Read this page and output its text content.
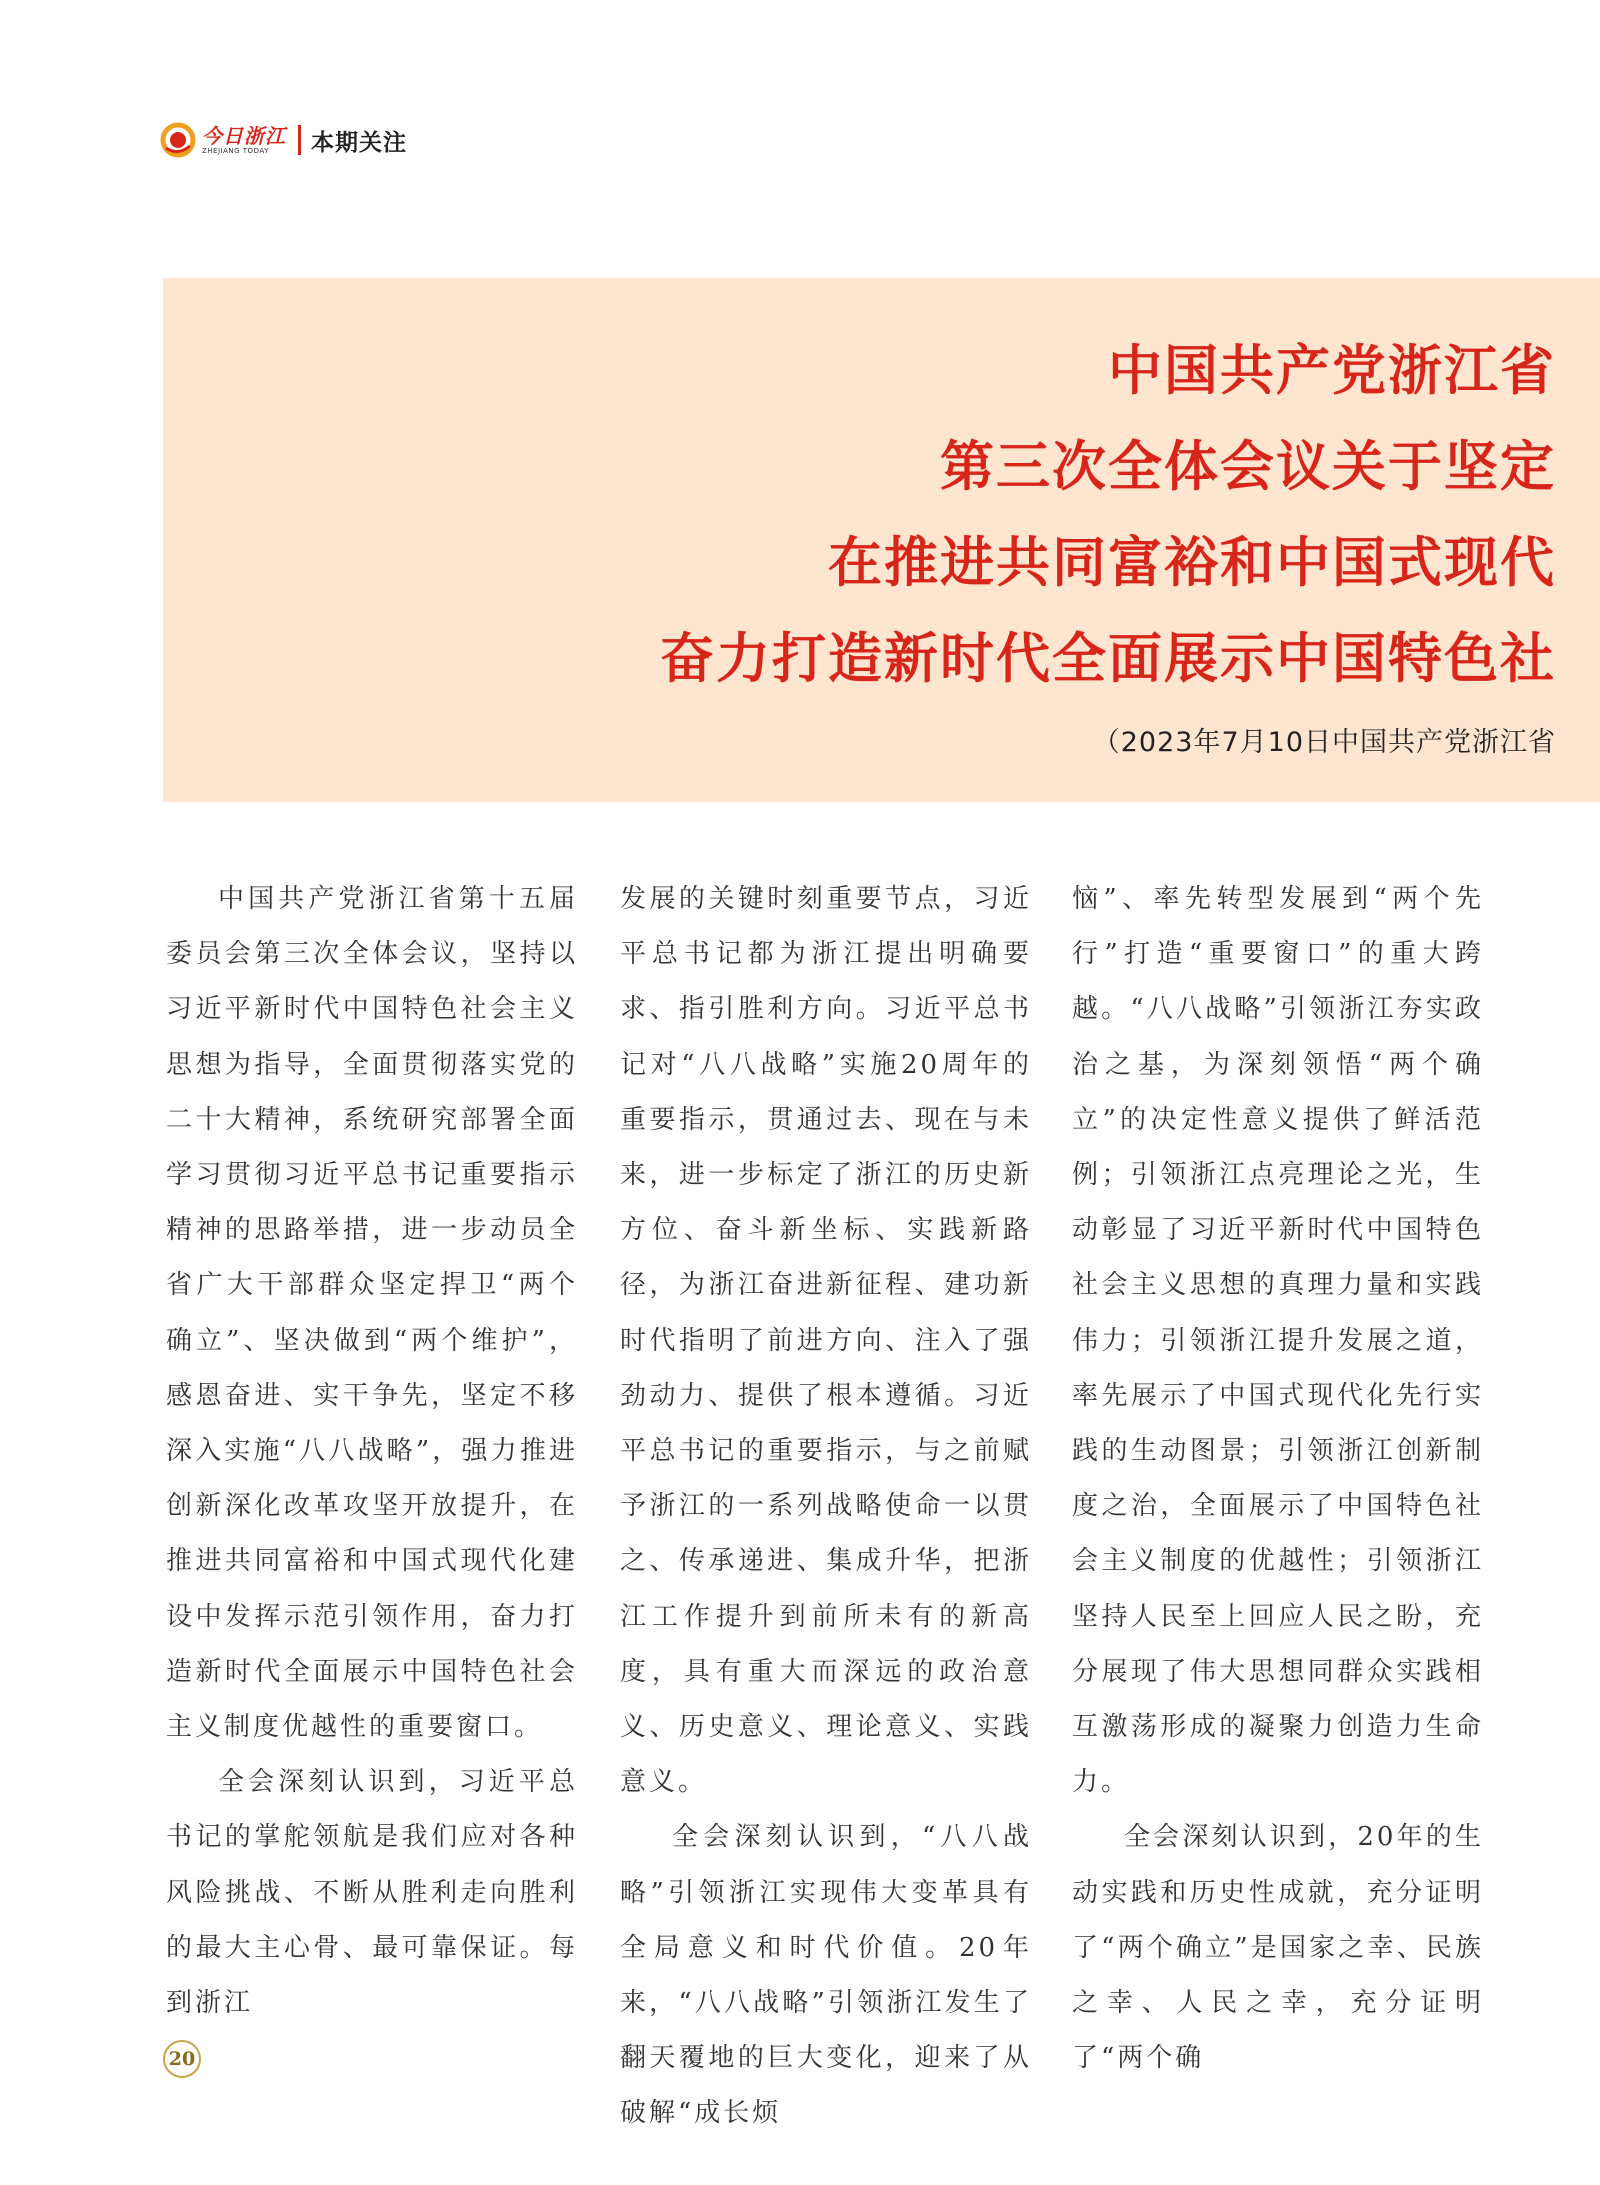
今日浙江
ZHEJIANG TODAY	本期关注
中国共产党浙江省
第三次全体会议关于坚定
在推进共同富裕和中国式现代
奋力打造新时代全面展示中国特色社
（2023年7月10日中国共产党浙江省

中国共产党浙江省第十五届委员会第三次全体会议，坚持以习近平新时代中国特色社会主义思想为指导，全面贯彻落实党的二十大精神，系统研究部署全面学习贯彻习近平总书记重要指示精神的思路举措，进一步动员全省广大干部群众坚定捍卫“两个确立”、坚决做到“两个维护”，感恩奋进、实干争先，坚定不移深入实施“八八战略”，强力推进创新深化改革攻坚开放提升，在推进共同富裕和中国式现代化建设中发挥示范引领作用，奋力打造新时代全面展示中国特色社会主义制度优越性的重要窗口。

全会深刻认识到，习近平总书记的掌舵领航是我们应对各种风险挑战、不断从胜利走向胜利的最大主心骨、最可靠保证。每到浙江

发展的关键时刻重要节点，习近平总书记都为浙江提出明确要求、指引胜利方向。习近平总书记对“八八战略”实施20周年的重要指示，贯通过去、现在与未来，进一步标定了浙江的历史新方位、奋斗新坐标、实践新路径，为浙江奋进新征程、建功新时代指明了前进方向、注入了强劲动力、提供了根本遵循。习近平总书记的重要指示，与之前赋予浙江的一系列战略使命一以贯之、传承递进、集成升华，把浙江工作提升到前所未有的新高度，具有重大而深远的政治意义、历史意义、理论意义、实践意义。

全会深刻认识到，“八八战略”引领浙江实现伟大变革具有全局意义和时代价值。20年来，“八八战略”引领浙江发生了翻天覆地的巨大变化，迎来了从破解“成长烦

恼”、率先转型发展到“两个先行”打造“重要窗口”的重大跨越。“八八战略”引领浙江夯实政治之基，为深刻领悟“两个确立”的决定性意义提供了鲜活范例；引领浙江点亮理论之光，生动彰显了习近平新时代中国特色社会主义思想的真理力量和实践伟力；引领浙江提升发展之道，率先展示了中国式现代化先行实践的生动图景；引领浙江创新制度之治，全面展示了中国特色社会主义制度的优越性；引领浙江坚持人民至上回应人民之盼，充分展现了伟大思想同群众实践相互激荡形成的凝聚力创造力生命力。

全会深刻认识到，20年的生动实践和历史性成就，充分证明了“两个确立”是国家之幸、民族之幸、人民之幸，充分证明了“两个确

20
